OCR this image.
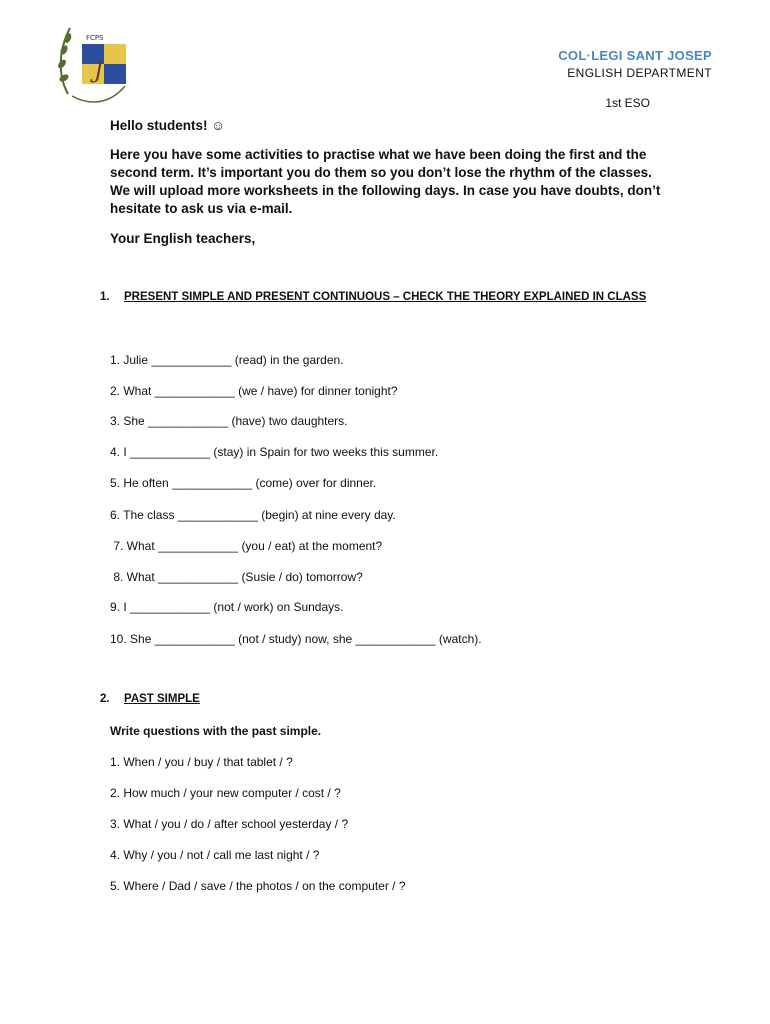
J
FCPS
COL·LEGI SANT JOSEP
ENGLISH DEPARTMENT
1st ESO
Hello students! ☺
Here you have some activities to practise what we have been doing the first and the second term. It’s important you do them so you don’t lose the rhythm of the classes. We will upload more worksheets in the following days. In case you have doubts, don’t hesitate to ask us via e-mail.
Your English teachers,
1. PRESENT SIMPLE AND PRESENT CONTINUOUS – CHECK THE THEORY EXPLAINED IN CLASS
1. Julie ____________ (read) in the garden.
2. What ____________ (we / have) for dinner tonight?
3. She ____________ (have) two daughters.
4. I ____________ (stay) in Spain for two weeks this summer.
5. He often ____________ (come) over for dinner.
6. The class ____________ (begin) at nine every day.
7. What ____________ (you / eat) at the moment?
8. What ____________ (Susie / do) tomorrow?
9. I ____________ (not / work) on Sundays.
10. She ____________ (not / study) now, she ____________ (watch).
2. PAST SIMPLE
Write questions with the past simple.
1. When / you / buy / that tablet / ?
2. How much / your new computer / cost / ?
3. What / you / do / after school yesterday / ?
4. Why / you / not / call me last night / ?
5. Where / Dad / save / the photos / on the computer / ?
